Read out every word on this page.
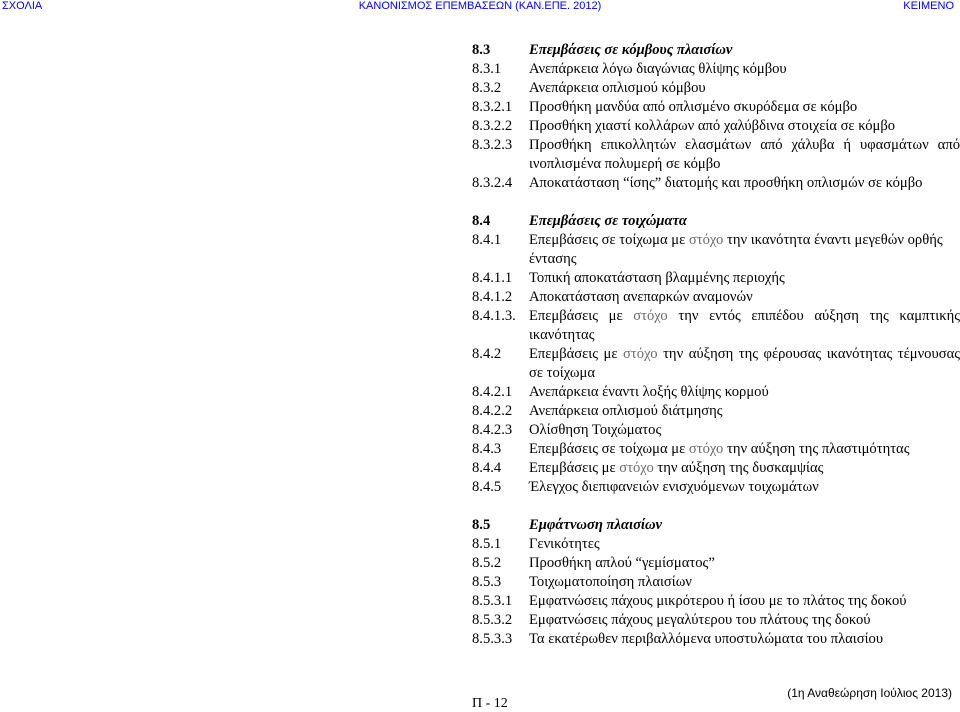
ΣΧΟΛΙΑ	ΚΑΝΟΝΙΣΜΟΣ ΕΠΕΜΒΑΣΕΩΝ (ΚΑΝ.ΕΠΕ. 2012)	ΚΕΙΜΕΝΟ
8.3	Επεμβάσεις σε κόμβους πλαισίων
8.3.1 Ανεπάρκεια λόγω διαγώνιας θλίψης κόμβου
8.3.2 Ανεπάρκεια οπλισμού κόμβου
8.3.2.1 Προσθήκη μανδύα από οπλισμένο σκυρόδεμα σε κόμβο
8.3.2.2 Προσθήκη χιαστί κολλάρων από χαλύβδινα στοιχεία σε κόμβο
8.3.2.3 Προσθήκη επικολλητών ελασμάτων από χάλυβα ή υφασμάτων από ινοπλισμένα πολυμερή σε κόμβο
8.3.2.4 Αποκατάσταση “ίσης” διατομής και προσθήκη οπλισμών σε κόμβο
8.4	Επεμβάσεις σε τοιχώματα
8.4.1 Επεμβάσεις σε τοίχωμα με στόχο την ικανότητα έναντι μεγεθών ορθής έντασης
8.4.1.1 Τοπική αποκατάσταση βλαμμένης περιοχής
8.4.1.2 Αποκατάσταση ανεπαρκών αναμονών
8.4.1.3. Επεμβάσεις με στόχο την εντός επιπέδου αύξηση της καμπτικής ικανότητας
8.4.2 Επεμβάσεις με στόχο την αύξηση της φέρουσας ικανότητας τέμνουσας σε τοίχωμα
8.4.2.1 Ανεπάρκεια έναντι λοξής θλίψης κορμού
8.4.2.2 Ανεπάρκεια οπλισμού διάτμησης
8.4.2.3 Ολίσθηση Τοιχώματος
8.4.3 Επεμβάσεις σε τοίχωμα με στόχο την αύξηση της πλαστιμότητας
8.4.4 Επεμβάσεις με στόχο την αύξηση της δυσκαμψίας
8.4.5 Έλεγχος διεπιφανειών ενισχυόμενων τοιχωμάτων
8.5	Εμφάτνωση πλαισίων
8.5.1 Γενικότητες
8.5.2 Προσθήκη απλού “γεμίσματος”
8.5.3 Τοιχωματοποίηση πλαισίων
8.5.3.1 Εμφατνώσεις πάχους μικρότερου ή ίσου με το πλάτος της δοκού
8.5.3.2 Εμφατνώσεις πάχους μεγαλύτερου του πλάτους της δοκού
8.5.3.3 Τα εκατέρωθεν περιβαλλόμενα υποστυλώματα του πλαισίου
Π - 12
(1η Αναθεώρηση Ιούλιος 2013)
